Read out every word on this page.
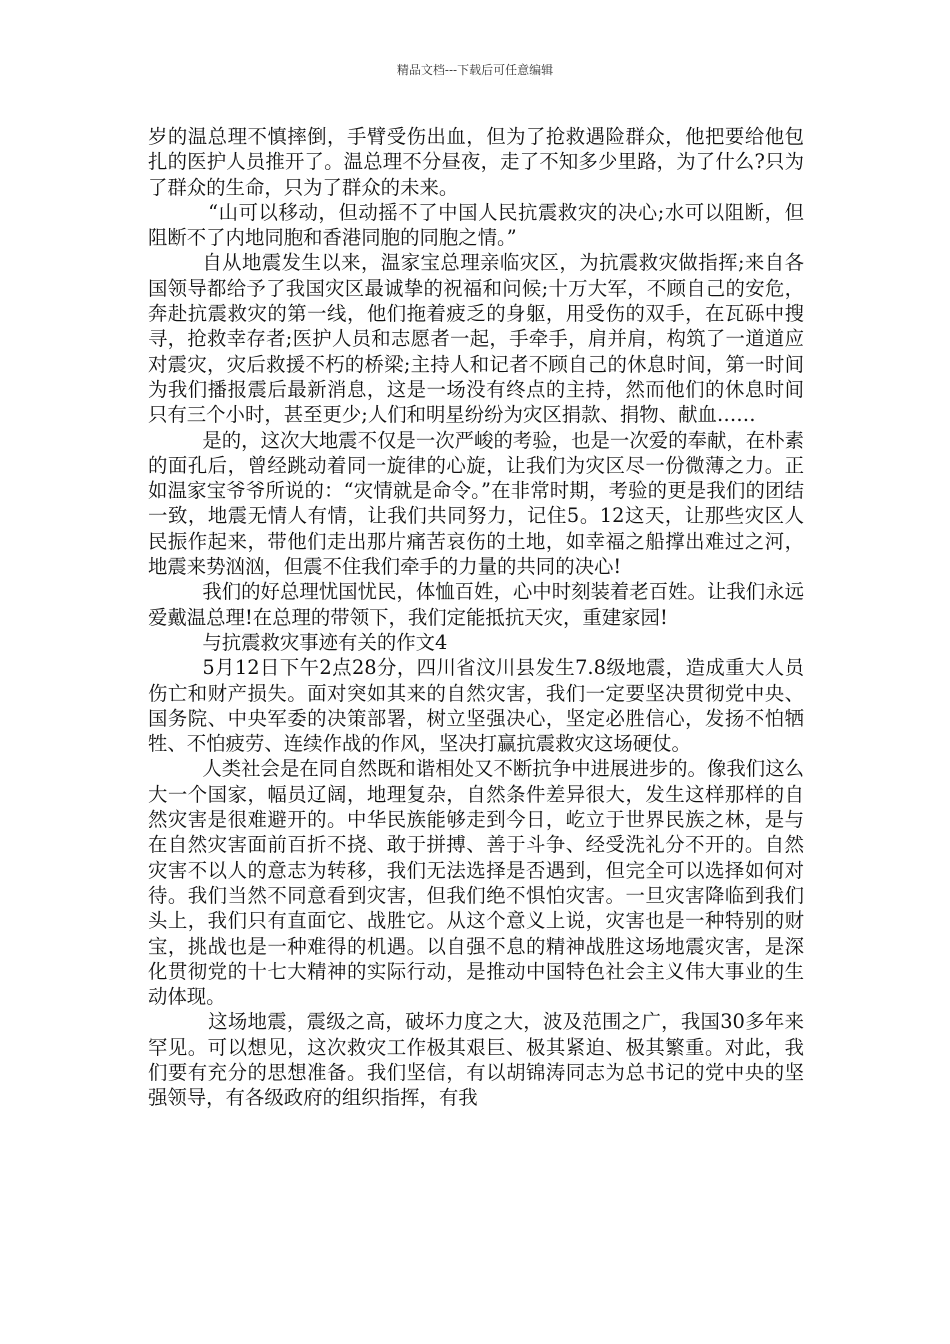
精品文档---下载后可任意编辑

岁的温总理不慎摔倒，手臂受伤出血，但为了抢救遇险群众，他把要给他包扎的医护人员推开了。温总理不分昼夜，走了不知多少里路，为了什么?只为了群众的生命，只为了群众的未来。

“山可以移动，但动摇不了中国人民抗震救灾的决心;水可以阻断，但阻断不了内地同胞和香港同胞的同胞之情。”

自从地震发生以来，温家宝总理亲临灾区，为抗震救灾做指挥;来自各国领导都给予了我国灾区最诚挚的祝福和问候;十万大军，不顾自己的安危，奔赴抗震救灾的第一线，他们拖着疲乏的身躯，用受伤的双手，在瓦砾中搜寻，抢救幸存者;医护人员和志愿者一起，手牵手，肩并肩，构筑了一道道应对震灾，灾后救援不朽的桥梁;主持人和记者不顾自己的休息时间，第一时间为我们播报震后最新消息，这是一场没有终点的主持，然而他们的休息时间只有三个小时，甚至更少;人们和明星纷纷为灾区捐款、捐物、献血……

是的，这次大地震不仅是一次严峻的考验，也是一次爱的奉献，在朴素的面孔后，曾经跳动着同一旋律的心旋，让我们为灾区尽一份微薄之力。正如温家宝爷爷所说的：“灾情就是命令。”在非常时期，考验的更是我们的团结一致，地震无情人有情，让我们共同努力，记住5。12这天，让那些灾区人民振作起来，带他们走出那片痛苦哀伤的土地，如幸福之船撑出难过之河，地震来势汹汹，但震不住我们牵手的力量的共同的决心!

我们的好总理忧国忧民，体恤百姓，心中时刻装着老百姓。让我们永远爱戴温总理!在总理的带领下，我们定能抵抗天灾，重建家园!

与抗震救灾事迹有关的作文4

5月12日下午2点28分，四川省汶川县发生7.8级地震，造成重大人员伤亡和财产损失。面对突如其来的自然灾害，我们一定要坚决贯彻党中央、国务院、中央军委的决策部署，树立坚强决心，坚定必胜信心，发扬不怕牺牲、不怕疲劳、连续作战的作风，坚决打赢抗震救灾这场硬仗。

人类社会是在同自然既和谐相处又不断抗争中进展进步的。像我们这么大一个国家，幅员辽阔，地理复杂，自然条件差异很大，发生这样那样的自然灾害是很难避开的。中华民族能够走到今日，屹立于世界民族之林，是与在自然灾害面前百折不挠、敢于拼搏、善于斗争、经受洗礼分不开的。自然灾害不以人的意志为转移，我们无法选择是否遇到，但完全可以选择如何对待。我们当然不同意看到灾害，但我们绝不惧怕灾害。一旦灾害降临到我们头上，我们只有直面它、战胜它。从这个意义上说，灾害也是一种特别的财宝，挑战也是一种难得的机遇。以自强不息的精神战胜这场地震灾害，是深化贯彻党的十七大精神的实际行动，是推动中国特色社会主义伟大事业的生动体现。

这场地震，震级之高，破坏力度之大，波及范围之广，我国30多年来罕见。可以想见，这次救灾工作极其艰巨、极其紧迫、极其繁重。对此，我们要有充分的思想准备。我们坚信，有以胡锦涛同志为总书记的党中央的坚强领导，有各级政府的组织指挥，有我
